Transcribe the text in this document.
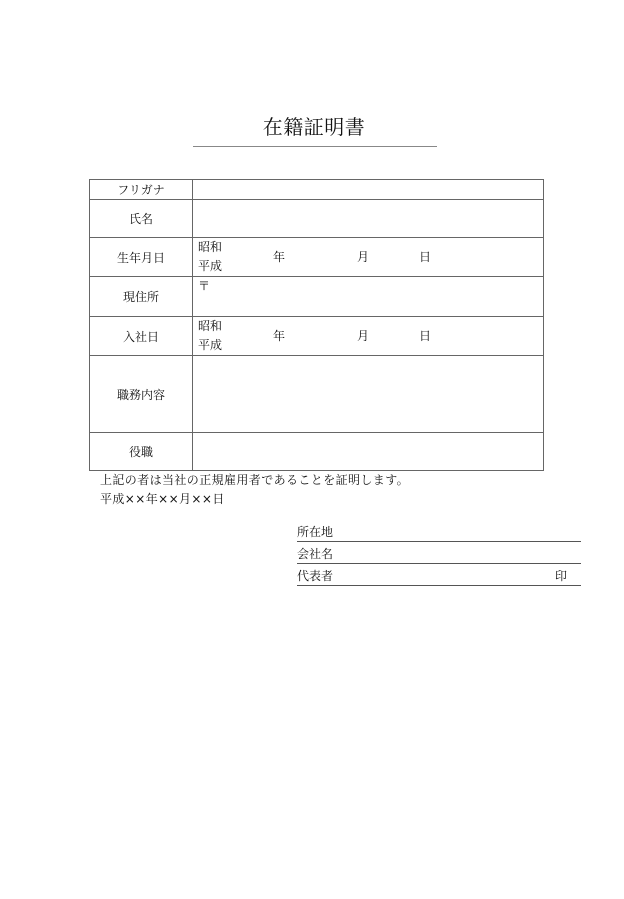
在籍証明書
フリガナ	
氏名	
生年月日	昭和
平成
年 月 日

現住所	〒

入社日	昭和
平成
年 月 日

職務内容	
役職	
上記の者は当社の正規雇用者であることを証明します。
平成××年××月××日
所在地
会社名
代表者	印
